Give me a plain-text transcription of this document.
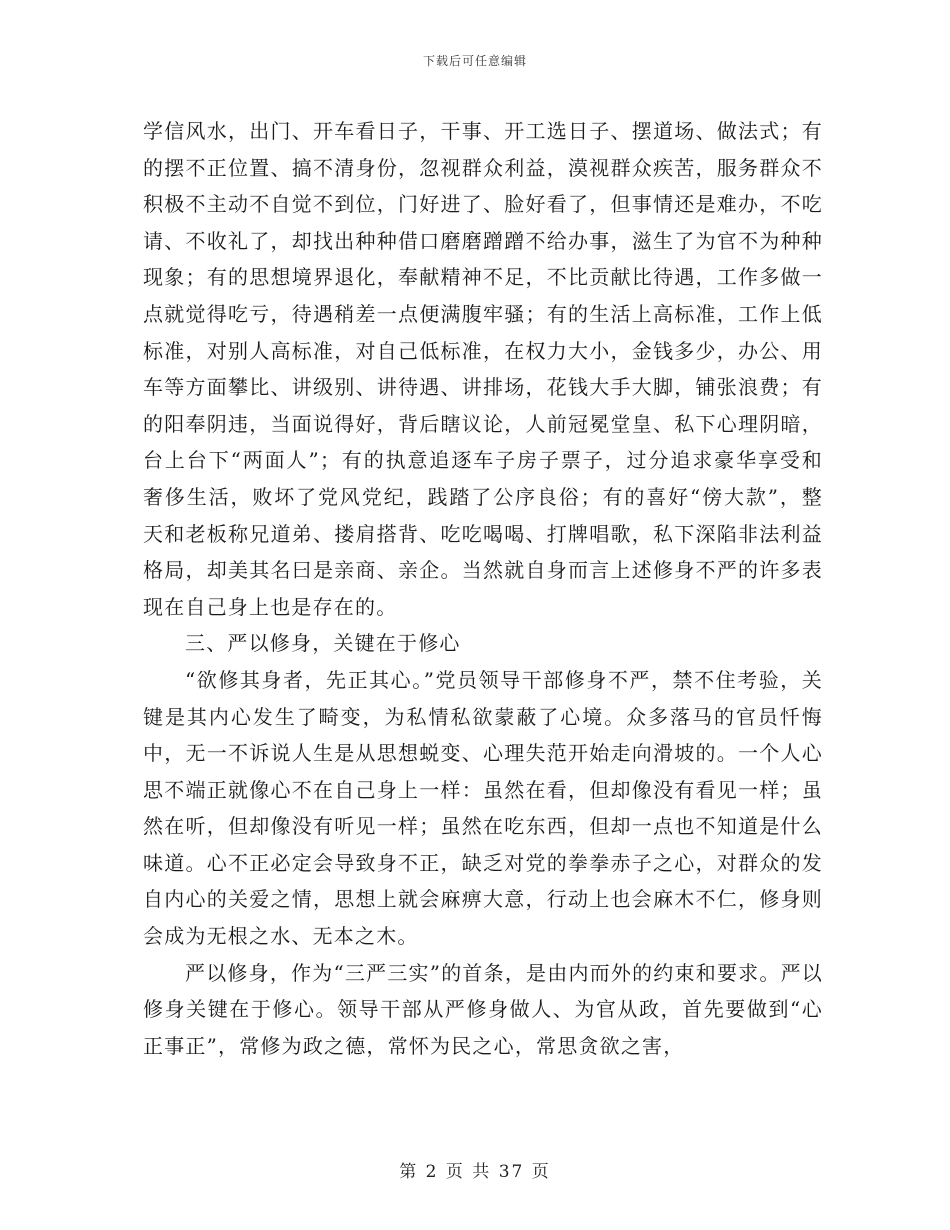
下载后可任意编辑

学信风水，出门、开车看日子，干事、开工选日子、摆道场、做法式；有的摆不正位置、搞不清身份，忽视群众利益，漠视群众疾苦，服务群众不积极不主动不自觉不到位，门好进了、脸好看了，但事情还是难办，不吃请、不收礼了，却找出种种借口磨磨蹭蹭不给办事，滋生了为官不为种种现象；有的思想境界退化，奉献精神不足，不比贡献比待遇，工作多做一点就觉得吃亏，待遇稍差一点便满腹牢骚；有的生活上高标准，工作上低标准，对别人高标准，对自己低标准，在权力大小，金钱多少，办公、用车等方面攀比、讲级别、讲待遇、讲排场，花钱大手大脚，铺张浪费；有的阳奉阴违，当面说得好，背后瞎议论，人前冠冕堂皇、私下心理阴暗，台上台下“两面人”；有的执意追逐车子房子票子，过分追求豪华享受和奢侈生活，败坏了党风党纪，践踏了公序良俗；有的喜好“傍大款”，整天和老板称兄道弟、搂肩搭背、吃吃喝喝、打牌唱歌，私下深陷非法利益格局，却美其名曰是亲商、亲企。当然就自身而言上述修身不严的许多表现在自己身上也是存在的。

三、严以修身，关键在于修心

“欲修其身者，先正其心。”党员领导干部修身不严，禁不住考验，关键是其内心发生了畸变，为私情私欲蒙蔽了心境。众多落马的官员忏悔中，无一不诉说人生是从思想蜕变、心理失范开始走向滑坡的。一个人心思不端正就像心不在自己身上一样：虽然在看，但却像没有看见一样；虽然在听，但却像没有听见一样；虽然在吃东西，但却一点也不知道是什么味道。心不正必定会导致身不正，缺乏对党的拳拳赤子之心，对群众的发自内心的关爱之情，思想上就会麻痹大意，行动上也会麻木不仁，修身则会成为无根之水、无本之木。

严以修身，作为“三严三实”的首条，是由内而外的约束和要求。严以修身关键在于修心。领导干部从严修身做人、为官从政，首先要做到“心正事正”，常修为政之德，常怀为民之心，常思贪欲之害，

第 2 页 共 37 页
